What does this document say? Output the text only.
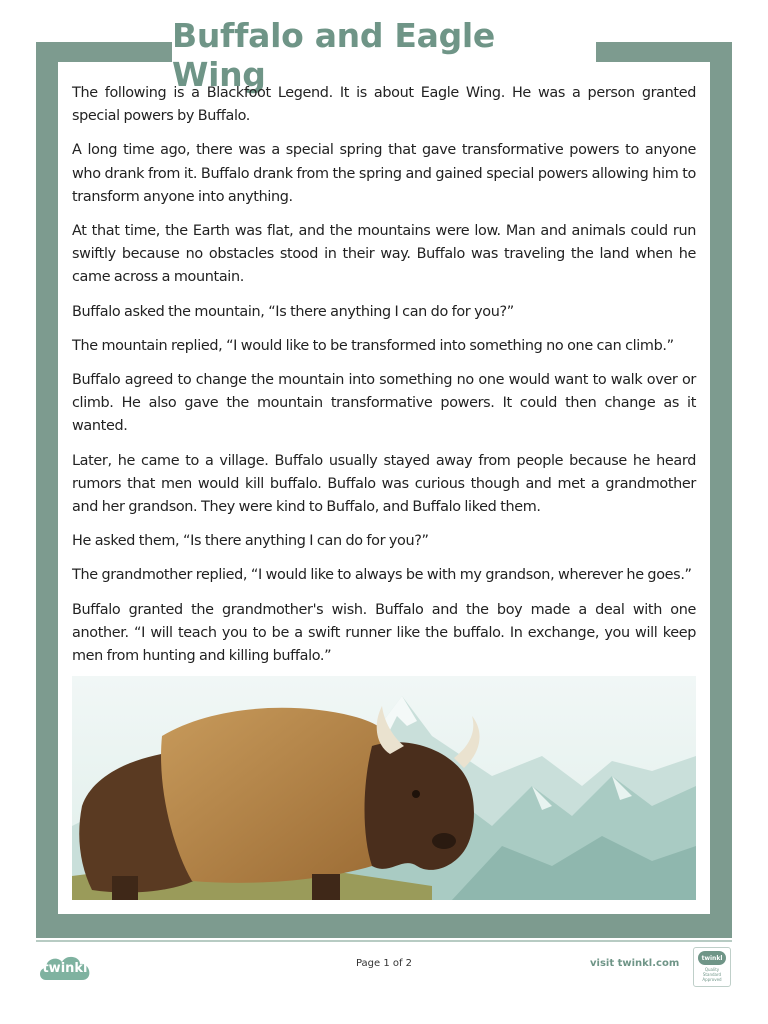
Buffalo and Eagle Wing

The following is a Blackfoot Legend. It is about Eagle Wing. He was a person granted special powers by Buffalo.

A long time ago, there was a special spring that gave transformative powers to anyone who drank from it. Buffalo drank from the spring and gained special powers allowing him to transform anyone into anything.

At that time, the Earth was flat, and the mountains were low. Man and animals could run swiftly because no obstacles stood in their way. Buffalo was traveling the land when he came across a mountain.

Buffalo asked the mountain, “Is there anything I can do for you?”

The mountain replied, “I would like to be transformed into something no one can climb.”

Buffalo agreed to change the mountain into something no one would want to walk over or climb. He also gave the mountain transformative powers. It could then change as it wanted.

Later, he came to a village. Buffalo usually stayed away from people because he heard rumors that men would kill buffalo. Buffalo was curious though and met a grandmother and her grandson. They were kind to Buffalo, and Buffalo liked them.

He asked them, “Is there anything I can do for you?”

The grandmother replied, “I would like to always be with my grandson, wherever he goes.”

Buffalo granted the grandmother's wish. Buffalo and the boy made a deal with one another. “I will teach you to be a swift runner like the buffalo. In exchange, you will keep men from hunting and killing buffalo.”

twinkl	Page 1 of 2	visit twinkl.com	twinkl
Quality Standard Approved
